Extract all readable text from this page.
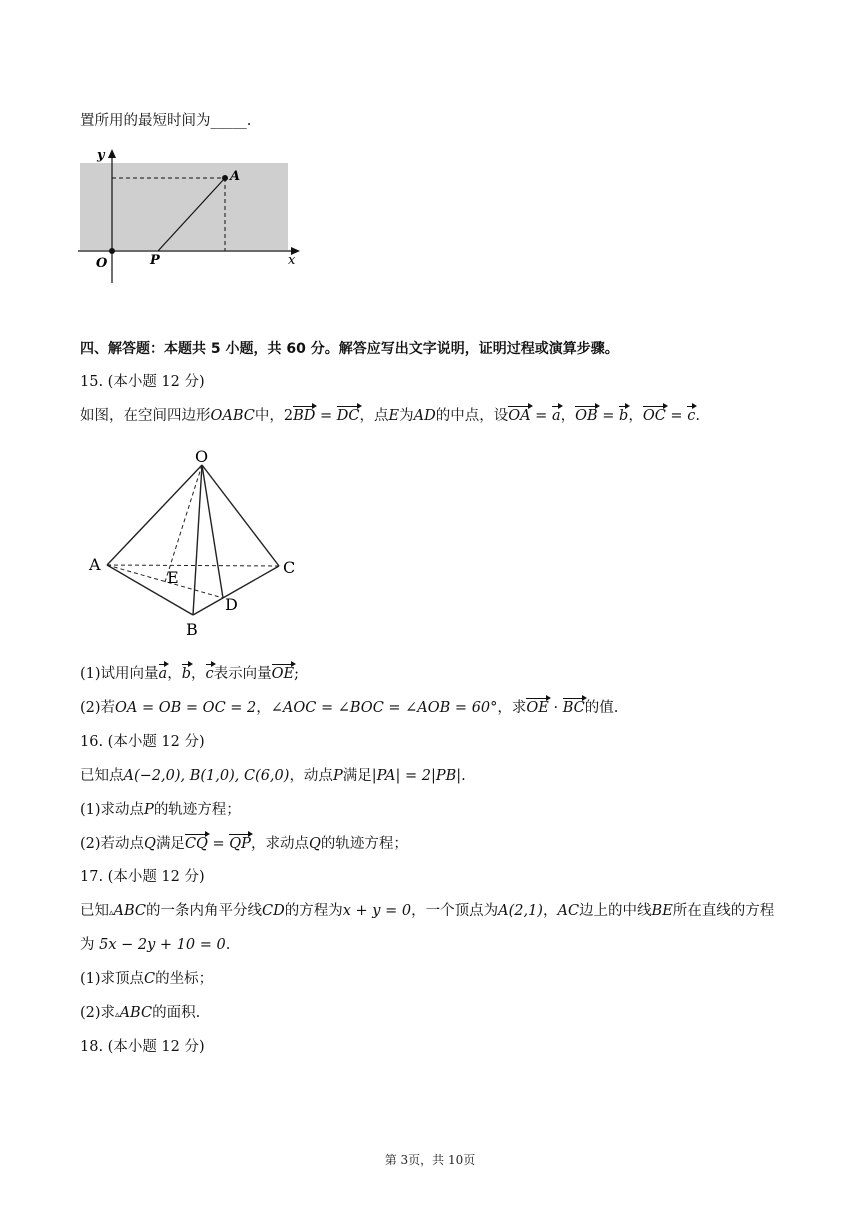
置所用的最短时间为_____.
y
x
O	P
A
四、解答题：本题共 5 小题，共 60 分。解答应写出文字说明，证明过程或演算步骤。
15. (本小题 12 分)
如图，在空间四边形OABC中，2BD = DC，点E为AD的中点，设OA = a，OB = b，OC = c.
O
A
B
C
D
E
(1)试用向量a，b，c表示向量OE;
(2)若OA = OB = OC = 2，∠AOC = ∠BOC = ∠AOB = 60°，求OE · BC的值.
16. (本小题 12 分)
已知点A(−2,0), B(1,0), C(6,0)，动点P满足|PA| = 2|PB|.
(1)求动点P的轨迹方程；
(2)若动点Q满足CQ = QP，求动点Q的轨迹方程；
17. (本小题 12 分)
已知▵ABC的一条内角平分线CD的方程为x + y = 0，一个顶点为A(2,1)，AC边上的中线BE所在直线的方程
为 5x − 2y + 10 = 0.
(1)求顶点C的坐标；
(2)求▵ABC的面积.
18. (本小题 12 分)
第 3页，共 10页
